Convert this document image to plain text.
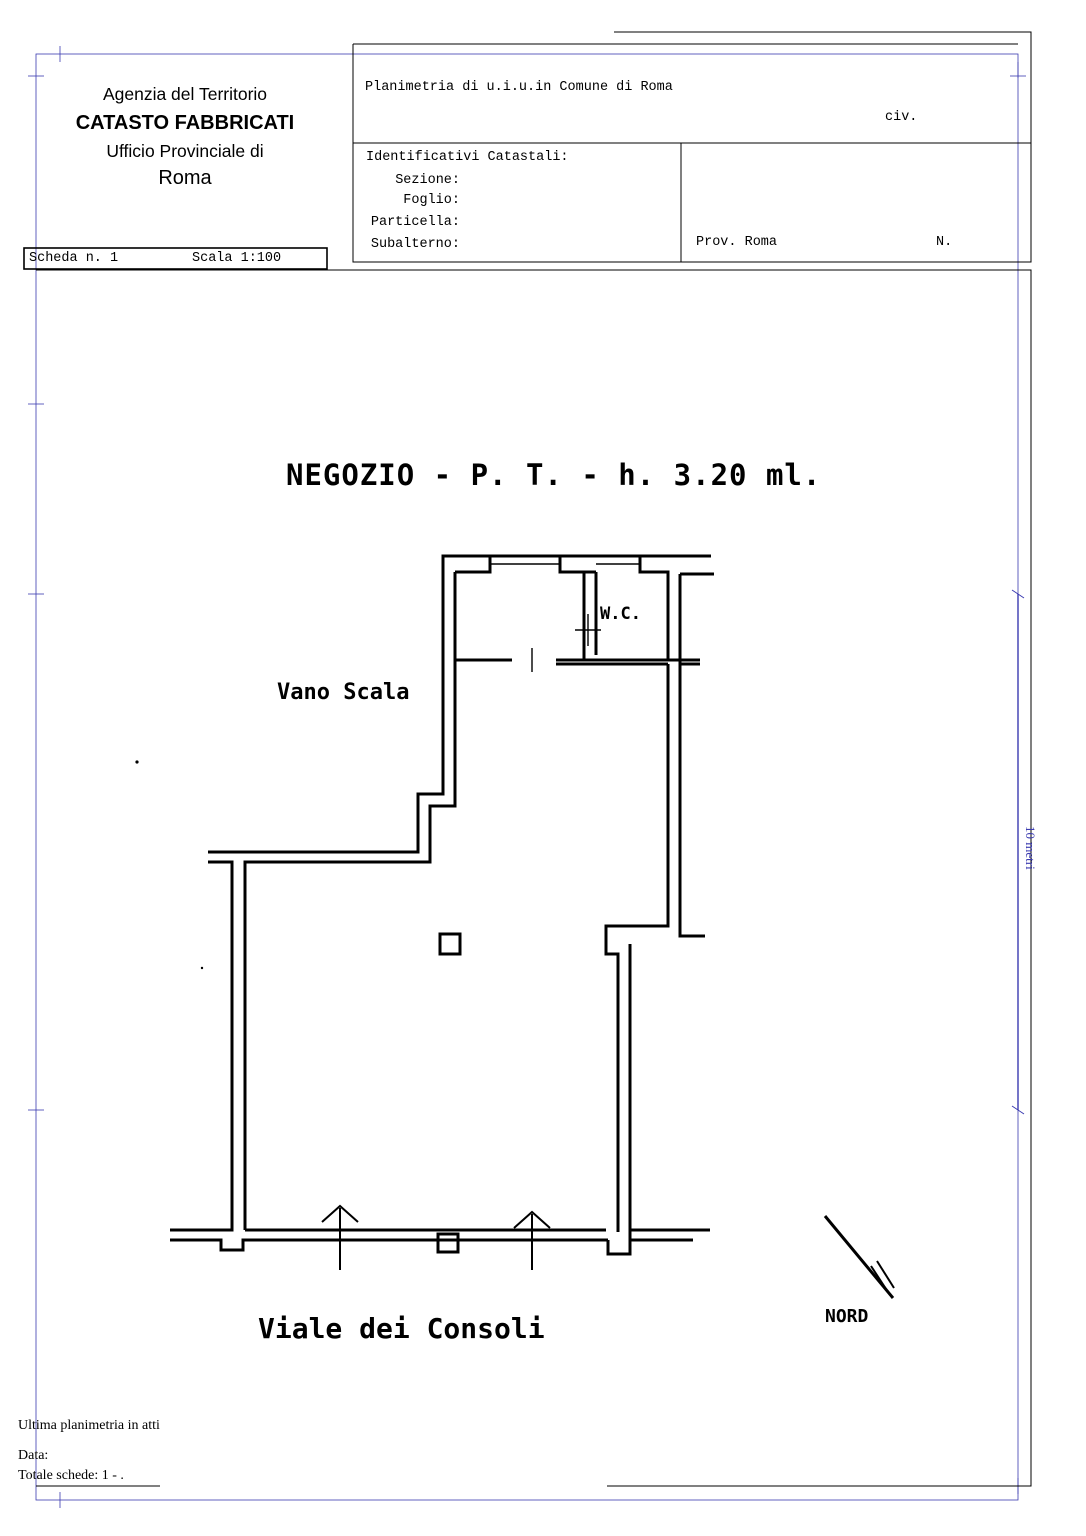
Agenzia del Territorio
CATASTO FABBRICATI
Ufficio Provinciale di
Roma
Scheda n. 1	Scala 1:100
Planimetria di u.i.u.in Comune di Roma
civ.
Identificativi Catastali:
Sezione:
Foglio:
Particella:
Subalterno:	Prov. Roma	N.
NEGOZIO - P. T. - h. 3.20 ml.
W.C.
Vano Scala
Viale dei Consoli	NORD
10 metri
Ultima planimetria in atti
Data:
Totale schede: 1 - .
